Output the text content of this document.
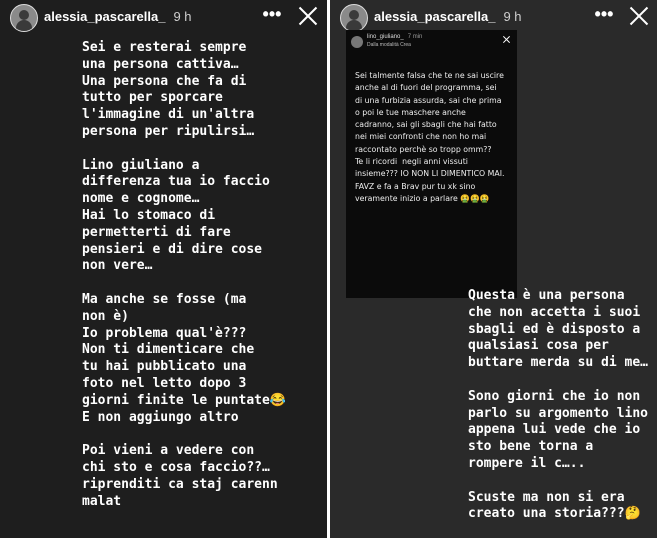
alessia_pascarella_ 9 h	•••
Sei e resterai sempre
una persona cattiva…
Una persona che fa di
tutto per sporcare
l'immagine di un'altra
persona per ripulirsi…

Lino giuliano a
differenza tua io faccio
nome e cognome…
Hai lo stomaco di
permetterti di fare
pensieri e di dire cose
non vere…

Ma anche se fosse (ma
non è)
Io problema qual'è???
Non ti dimenticare che
tu hai pubblicato una
foto nel letto dopo 3
giorni finite le puntate😂
E non aggiungo altro

Poi vieni a vedere con
chi sto e cosa faccio??…
riprenditi ca staj carenn
malat
alessia_pascarella_ 9 h	•••
lino_giuliano_ 7 min
Dalla modalità Crea
Sei talmente falsa che te ne sai uscire
anche al di fuori del programma, sei
di una furbizia assurda, sai che prima
o poi le tue maschere anche
cadranno, sai gli sbagli che hai fatto
nei miei confronti che non ho mai
raccontato perchè so tropp omm??
Te li ricordi  negli anni vissuti
insieme??? IO NON LI DIMENTICO MAI.
FAVZ e fa a Brav pur tu xk sino
veramente inizio a parlare 🤮🤮🤮
Questa è una persona
che non accetta i suoi
sbagli ed è disposto a
qualsiasi cosa per
buttare merda su di me…

Sono giorni che io non
parlo su argomento lino
appena lui vede che io
sto bene torna a
rompere il c…..

Scuste ma non si era
creato una storia???🤔
